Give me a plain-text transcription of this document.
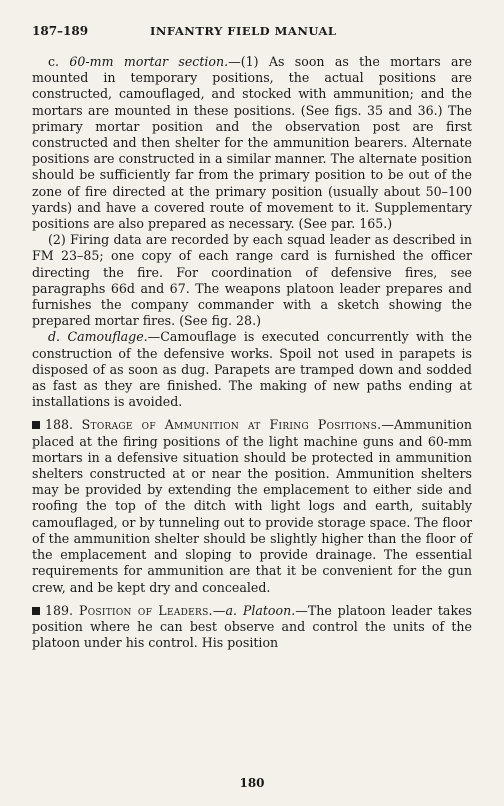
187–189	INFANTRY FIELD MANUAL

c. 60-mm mortar section.—(1) As soon as the mortars are mounted in temporary positions, the actual positions are constructed, camouflaged, and stocked with ammunition; and the mortars are mounted in these positions. (See figs. 35 and 36.) The primary mortar position and the observation post are first constructed and then shelter for the ammunition bearers. Alternate positions are constructed in a similar manner. The alternate position should be sufficiently far from the primary position to be out of the zone of fire directed at the primary position (usually about 50–100 yards) and have a covered route of movement to it. Supplementary positions are also prepared as necessary. (See par. 165.)

(2) Firing data are recorded by each squad leader as described in FM 23–85; one copy of each range card is furnished the officer directing the fire. For coordination of defensive fires, see paragraphs 66d and 67. The weapons platoon leader prepares and furnishes the company commander with a sketch showing the prepared mortar fires. (See fig. 28.)

d. Camouflage.—Camouflage is executed concurrently with the construction of the defensive works. Spoil not used in parapets is disposed of as soon as dug. Parapets are tramped down and sodded as fast as they are finished. The making of new paths ending at installations is avoided.

188. Storage of Ammunition at Firing Positions.—Ammunition placed at the firing positions of the light machine guns and 60-mm mortars in a defensive situation should be protected in ammunition shelters constructed at or near the position. Ammunition shelters may be provided by extending the emplacement to either side and roofing the top of the ditch with light logs and earth, suitably camouflaged, or by tunneling out to provide storage space. The floor of the ammunition shelter should be slightly higher than the floor of the emplacement and sloping to provide drainage. The essential requirements for ammunition are that it be convenient for the gun crew, and be kept dry and concealed.

189. Position of Leaders.—a. Platoon.—The platoon leader takes position where he can best observe and control the units of the platoon under his control. His position

180
